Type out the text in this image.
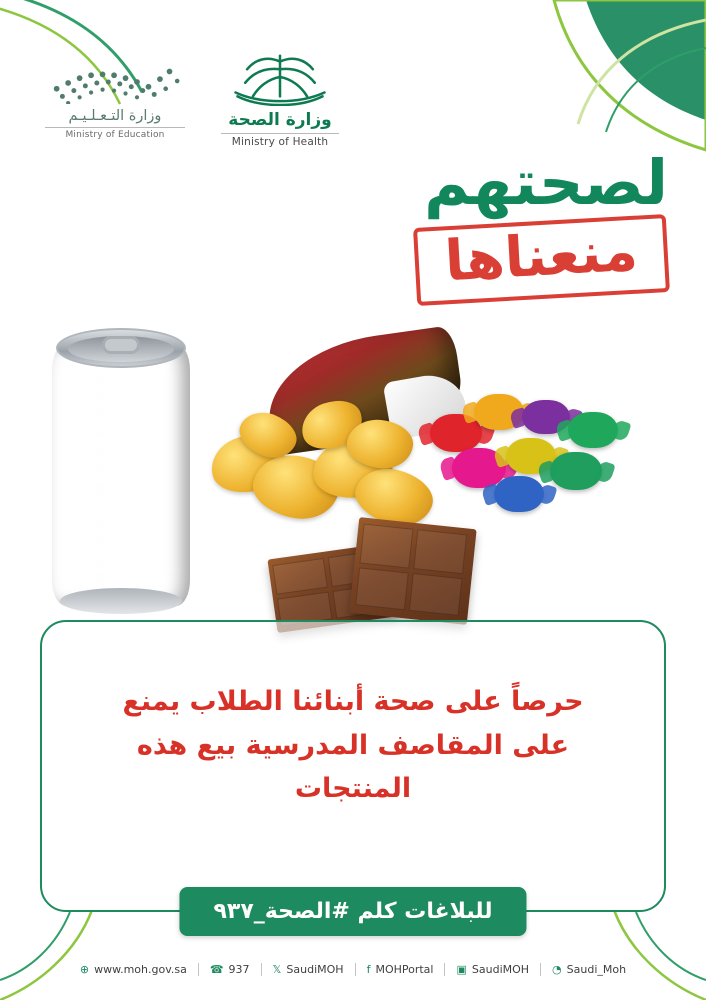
وزارة الصحة
Ministry of Health
وزارة التـعـلـيـم
Ministry of Education
لصحتهم
منعناها
حرصاً على صحة أبنائنا الطلاب يمنع
على المقاصف المدرسية بيع هذه
المنتجات
للبلاغات كلم #الصحة_٩٣٧
⊕ www.moh.gov.sa ☎ 937 𝕏 SaudiMOH f MOHPortal ▣ SaudiMOH ◔ Saudi_Moh
